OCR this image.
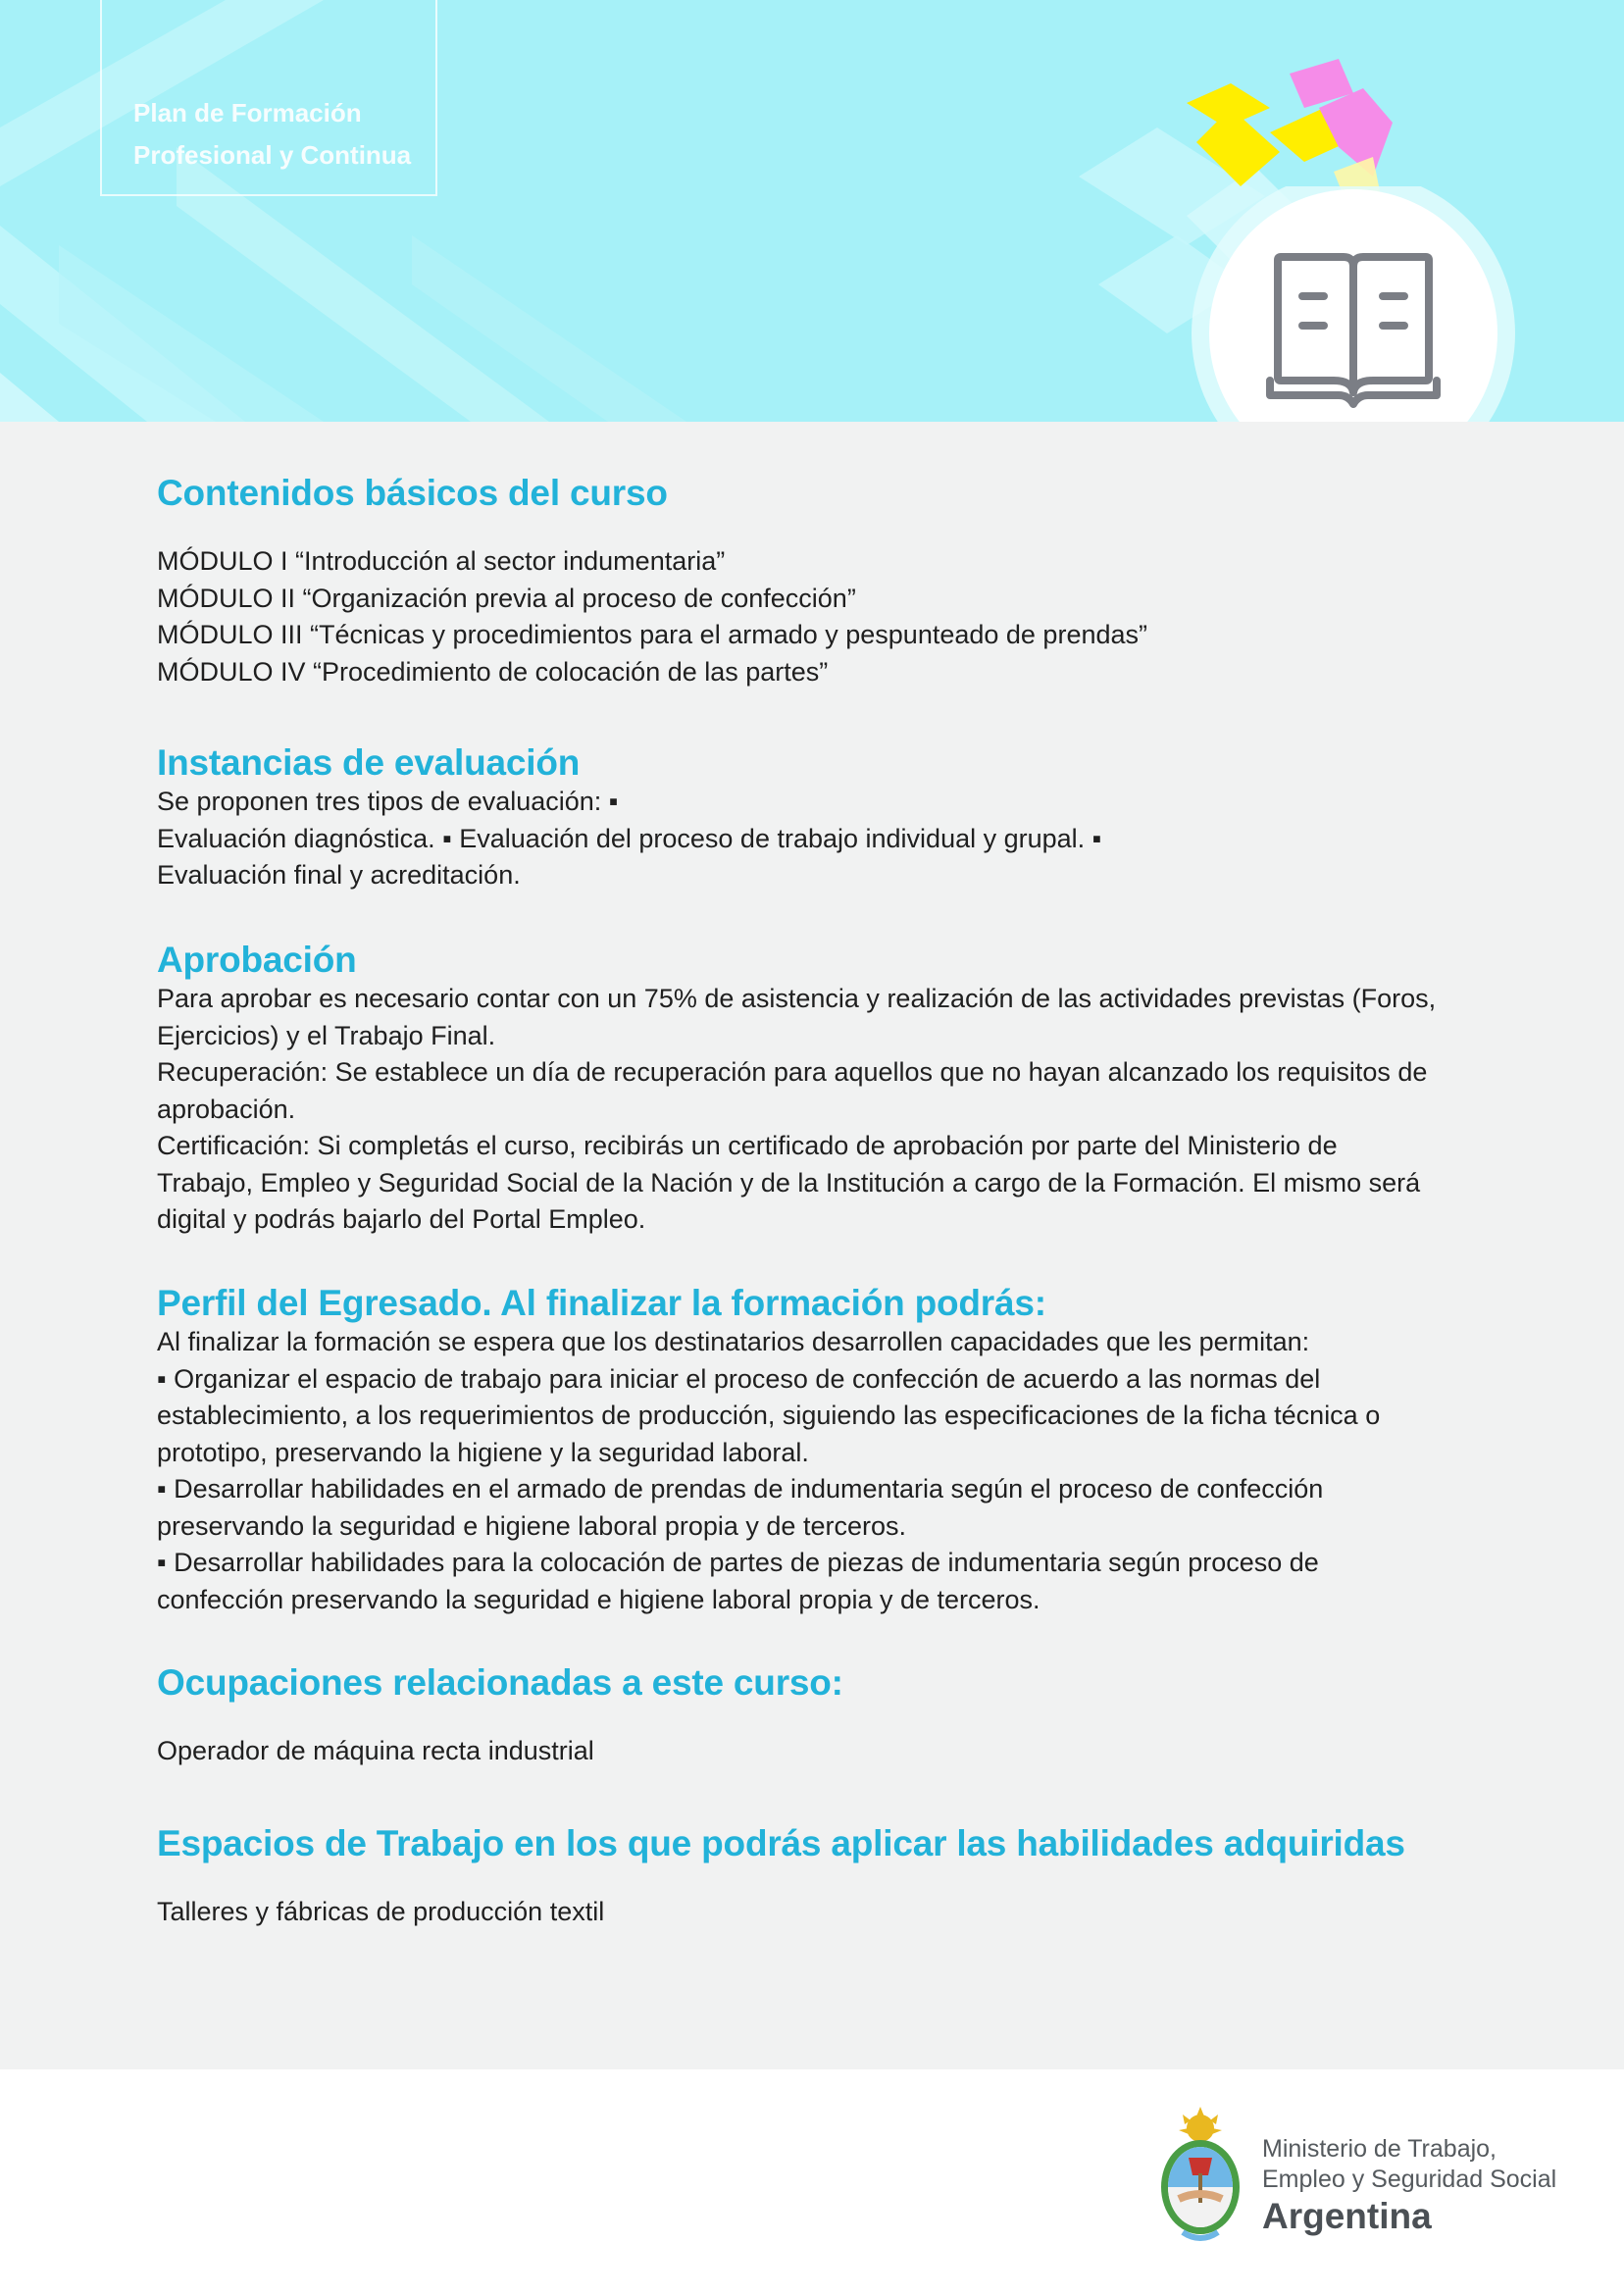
Plan de Formación
Profesional y Continua
Contenidos básicos del curso

MÓDULO I “Introducción al sector indumentaria”

MÓDULO II “Organización previa al proceso de confección”

MÓDULO III “Técnicas y procedimientos para el armado y pespunteado de prendas”

MÓDULO IV “Procedimiento de colocación de las partes”

Instancias de evaluación

Se proponen tres tipos de evaluación: ▪

Evaluación diagnóstica. ▪ Evaluación del proceso de trabajo individual y grupal. ▪

Evaluación final y acreditación.

Aprobación

Para aprobar es necesario contar con un 75% de asistencia y realización de las actividades previstas (Foros,

Ejercicios) y el Trabajo Final.

Recuperación: Se establece un día de recuperación para aquellos que no hayan alcanzado los requisitos de

aprobación.

Certificación: Si completás el curso, recibirás un certificado de aprobación por parte del Ministerio de

Trabajo, Empleo y Seguridad Social de la Nación y de la Institución a cargo de la Formación. El mismo será

digital y podrás bajarlo del Portal Empleo.

Perfil del Egresado. Al finalizar la formación podrás:

Al finalizar la formación se espera que los destinatarios desarrollen capacidades que les permitan:

▪ Organizar el espacio de trabajo para iniciar el proceso de confección de acuerdo a las normas del

establecimiento, a los requerimientos de producción, siguiendo las especificaciones de la ficha técnica o

prototipo, preservando la higiene y la seguridad laboral.

▪ Desarrollar habilidades en el armado de prendas de indumentaria según el proceso de confección

preservando la seguridad e higiene laboral propia y de terceros.

▪ Desarrollar habilidades para la colocación de partes de piezas de indumentaria según proceso de

confección preservando la seguridad e higiene laboral propia y de terceros.

Ocupaciones relacionadas a este curso:

Operador de máquina recta industrial

Espacios de Trabajo en los que podrás aplicar las habilidades adquiridas

Talleres y fábricas de producción textil

Ministerio de Trabajo,
Empleo y Seguridad Social
Argentina
